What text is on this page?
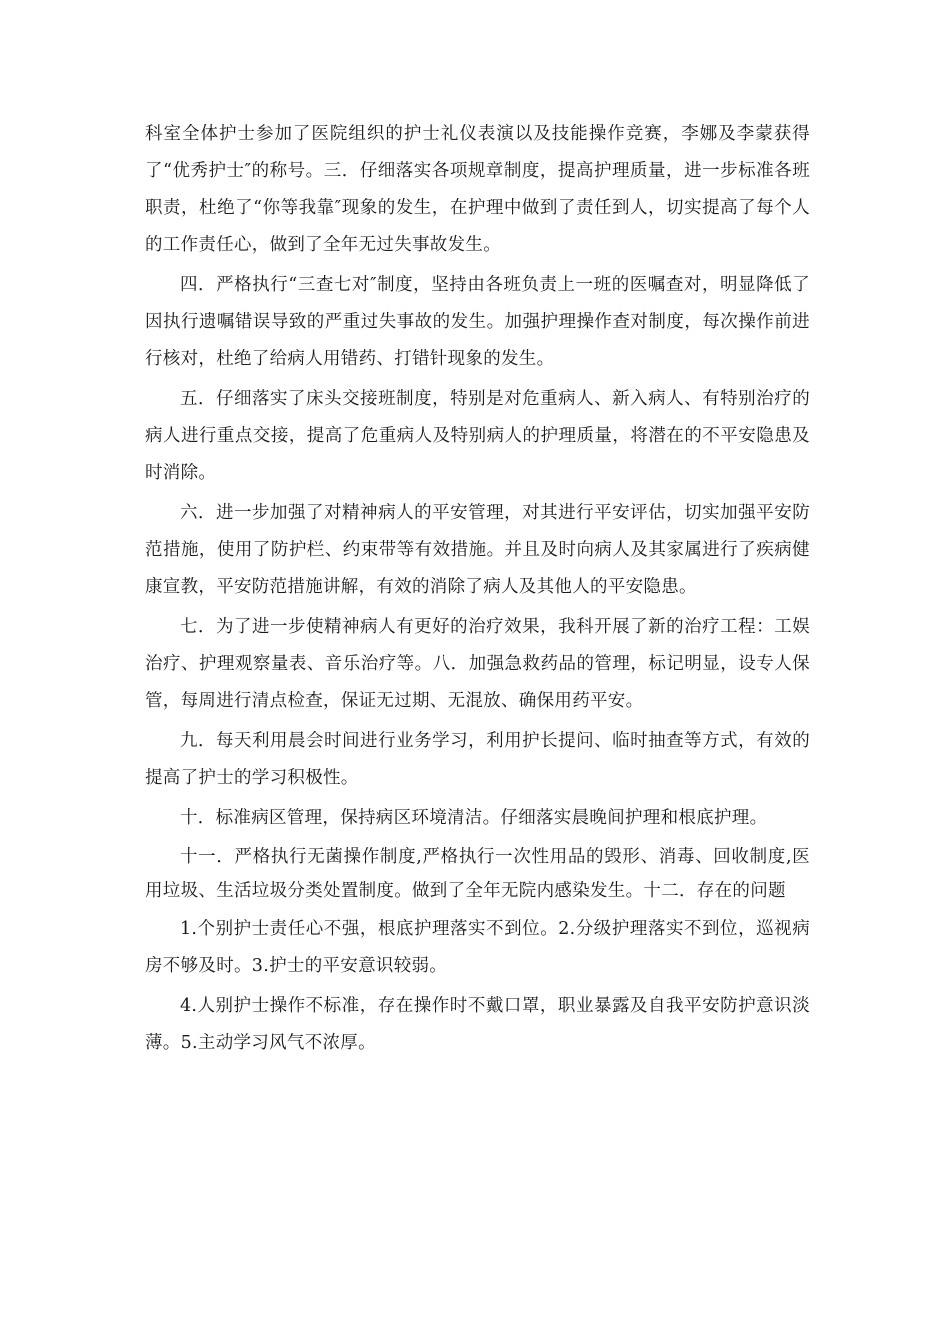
科室全体护士参加了医院组织的护士礼仪表演以及技能操作竞赛，李娜及李蒙获得了“优秀护士″的称号。三．仔细落实各项规章制度，提高护理质量，进一步标准各班职责，杜绝了“你等我靠″现象的发生，在护理中做到了责任到人，切实提高了每个人的工作责任心，做到了全年无过失事故发生。

四．严格执行“三查七对″制度，坚持由各班负责上一班的医嘱查对，明显降低了因执行遗嘱错误导致的严重过失事故的发生。加强护理操作查对制度，每次操作前进行核对，杜绝了给病人用错药、打错针现象的发生。

五．仔细落实了床头交接班制度，特别是对危重病人、新入病人、有特别治疗的病人进行重点交接，提高了危重病人及特别病人的护理质量，将潜在的不平安隐患及时消除。

六．进一步加强了对精神病人的平安管理，对其进行平安评估，切实加强平安防范措施，使用了防护栏、约束带等有效措施。并且及时向病人及其家属进行了疾病健康宣教，平安防范措施讲解，有效的消除了病人及其他人的平安隐患。

七．为了进一步使精神病人有更好的治疗效果，我科开展了新的治疗工程：工娱治疗、护理观察量表、音乐治疗等。八．加强急救药品的管理，标记明显，设专人保管，每周进行清点检查，保证无过期、无混放、确保用药平安。

九．每天利用晨会时间进行业务学习，利用护长提问、临时抽查等方式，有效的提高了护士的学习积极性。

十．标准病区管理，保持病区环境清洁。仔细落实晨晚间护理和根底护理。

十一．严格执行无菌操作制度,严格执行一次性用品的毁形、消毒、回收制度,医用垃圾、生活垃圾分类处置制度。做到了全年无院内感染发生。十二．存在的问题

1.个别护士责任心不强，根底护理落实不到位。2.分级护理落实不到位，巡视病房不够及时。3.护士的平安意识较弱。

4.人别护士操作不标准，存在操作时不戴口罩，职业暴露及自我平安防护意识淡薄。5.主动学习风气不浓厚。
